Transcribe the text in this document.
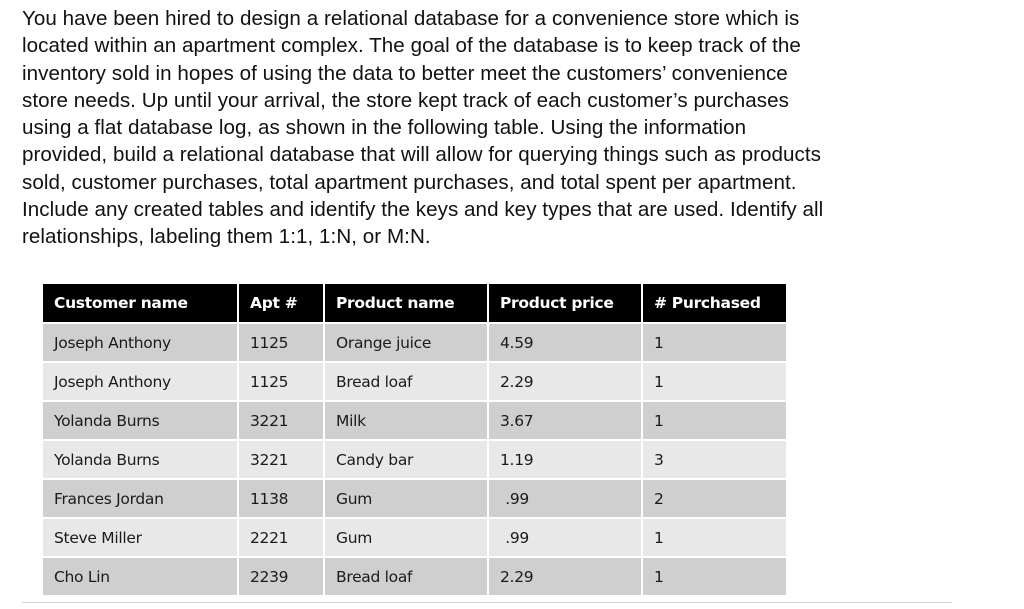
You have been hired to design a relational database for a convenience store which is
located within an apartment complex. The goal of the database is to keep track of the
inventory sold in hopes of using the data to better meet the customers’ convenience
store needs. Up until your arrival, the store kept track of each customer’s purchases
using a flat database log, as shown in the following table. Using the information
provided, build a relational database that will allow for querying things such as products
sold, customer purchases, total apartment purchases, and total spent per apartment.
Include any created tables and identify the keys and key types that are used. Identify all
relationships, labeling them 1:1, 1:N, or M:N.
Customer name	Apt #	Product name	Product price	# Purchased
Joseph Anthony	1125	Orange juice	4.59	1
Joseph Anthony	1125	Bread loaf	2.29	1
Yolanda Burns	3221	Milk	3.67	1
Yolanda Burns	3221	Candy bar	1.19	3
Frances Jordan	1138	Gum	.99	2
Steve Miller	2221	Gum	.99	1
Cho Lin	2239	Bread loaf	2.29	1
